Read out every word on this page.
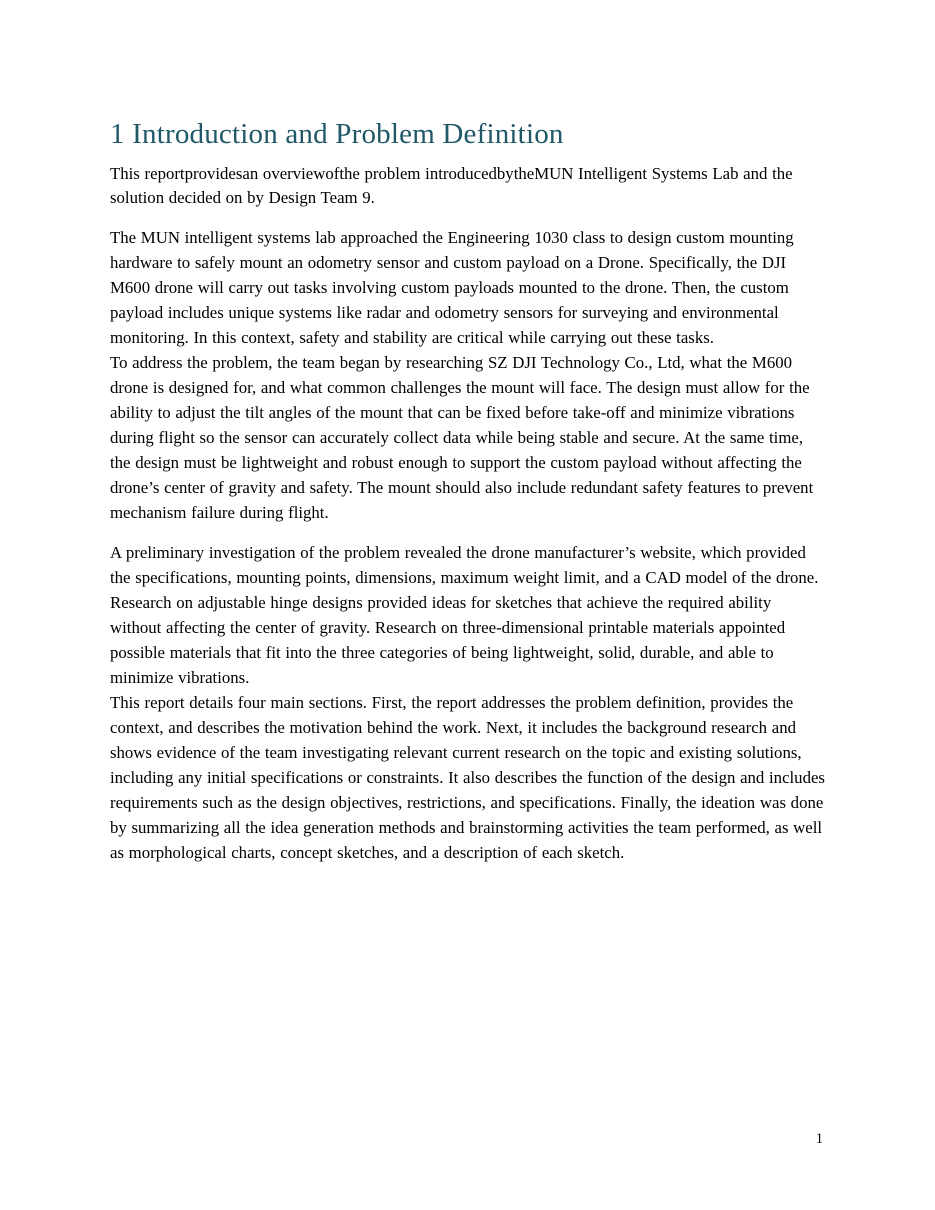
1 Introduction and Problem Definition

This reportprovidesan overviewofthe problem introducedbytheMUN Intelligent Systems Lab and the solution decided on by Design Team 9.

The MUN intelligent systems lab approached the Engineering 1030 class to design custom mounting hardware to safely mount an odometry sensor and custom payload on a Drone. Specifically, the DJI M600 drone will carry out tasks involving custom payloads mounted to the drone. Then, the custom payload includes unique systems like radar and odometry sensors for surveying and environmental monitoring. In this context, safety and stability are critical while carrying out these tasks.

To address the problem, the team began by researching SZ DJI Technology Co., Ltd, what the M600 drone is designed for, and what common challenges the mount will face. The design must allow for the ability to adjust the tilt angles of the mount that can be fixed before take-off and minimize vibrations during flight so the sensor can accurately collect data while being stable and secure. At the same time, the design must be lightweight and robust enough to support the custom payload without affecting the drone’s center of gravity and safety. The mount should also include redundant safety features to prevent mechanism failure during flight.

A preliminary investigation of the problem revealed the drone manufacturer’s website, which provided the specifications, mounting points, dimensions, maximum weight limit, and a CAD model of the drone. Research on adjustable hinge designs provided ideas for sketches that achieve the required ability without affecting the center of gravity. Research on three-dimensional printable materials appointed possible materials that fit into the three categories of being lightweight, solid, durable, and able to minimize vibrations.

This report details four main sections. First, the report addresses the problem definition, provides the context, and describes the motivation behind the work. Next, it includes the background research and shows evidence of the team investigating relevant current research on the topic and existing solutions, including any initial specifications or constraints. It also describes the function of the design and includes requirements such as the design objectives, restrictions, and specifications. Finally, the ideation was done by summarizing all the idea generation methods and brainstorming activities the team performed, as well as morphological charts, concept sketches, and a description of each sketch.

1
